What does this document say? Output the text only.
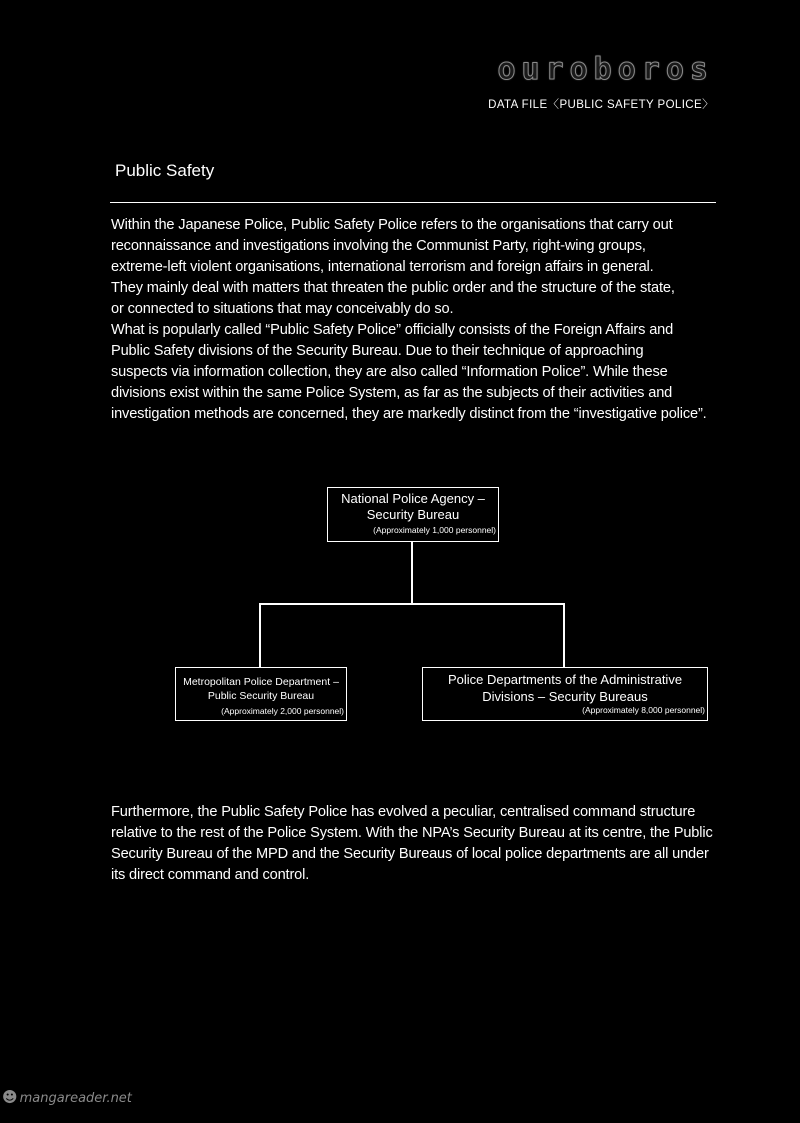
ouroboros
DATA FILE〈PUBLIC SAFETY POLICE〉
Public Safety

Within the Japanese Police, Public Safety Police refers to the organisations that carry out

reconnaissance and investigations involving the Communist Party, right-wing groups,

extreme-left violent organisations, international terrorism and foreign affairs in general.

They mainly deal with matters that threaten the public order and the structure of the state,

or connected to situations that may conceivably do so.

What is popularly called “Public Safety Police” officially consists of the Foreign Affairs and

Public Safety divisions of the Security Bureau. Due to their technique of approaching

suspects via information collection, they are also called “Information Police”. While these

divisions exist within the same Police System, as far as the subjects of their activities and

investigation methods are concerned, they are markedly distinct from the “investigative police”.

National Police Agency –
Security Bureau
(Approximately 1,000 personnel)
Metropolitan Police Department –
Public Security Bureau
(Approximately 2,000 personnel)
Police Departments of the Administrative
Divisions – Security Bureaus
(Approximately 8,000 personnel)

Furthermore, the Public Safety Police has evolved a peculiar, centralised command structure

relative to the rest of the Police System. With the NPA’s Security Bureau at its centre, the Public

Security Bureau of the MPD and the Security Bureaus of local police departments are all under

its direct command and control.

☻ mangareader.net
